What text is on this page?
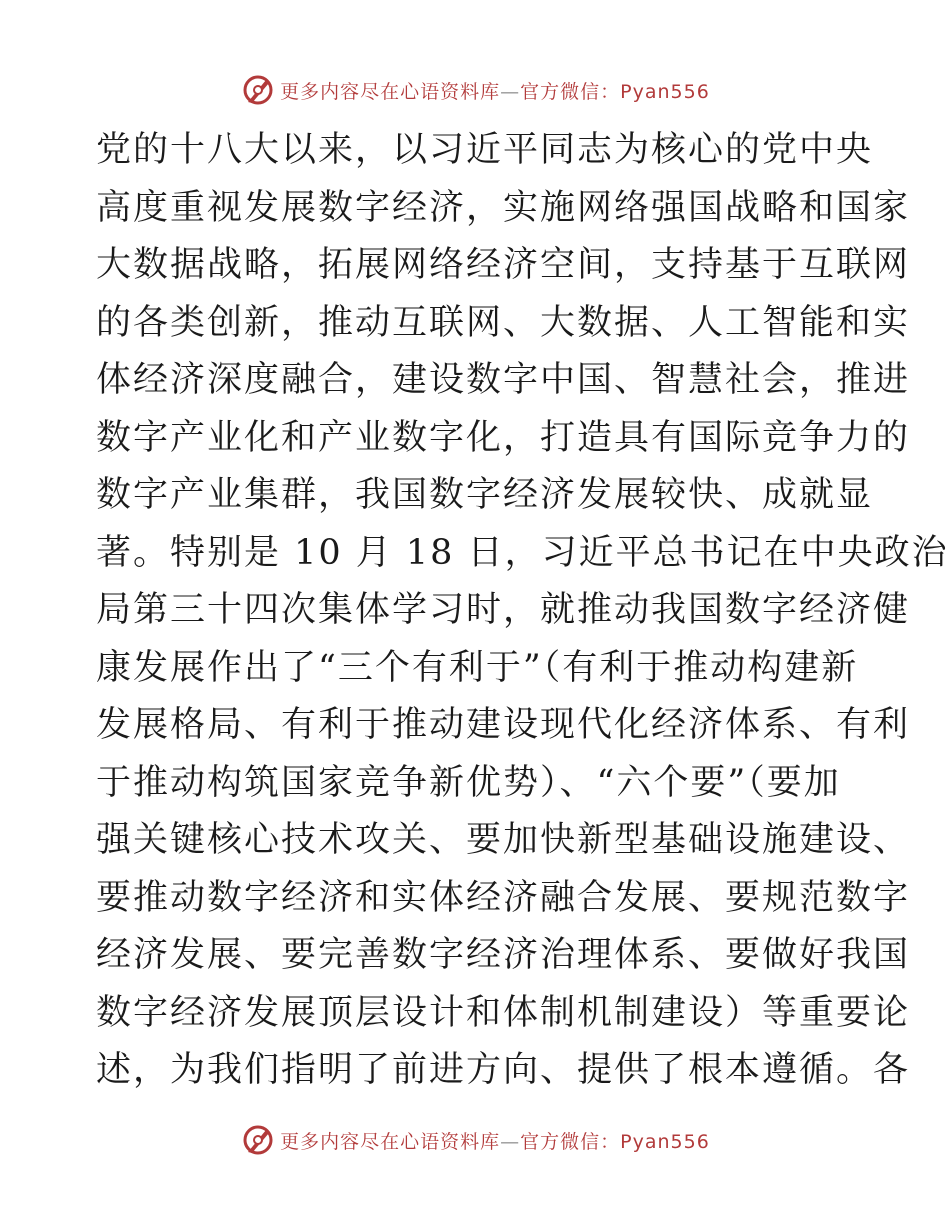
更多内容尽在心语资料库—官方微信：Pyan556
党的十八大以来，以习近平同志为核心的党中央
高度重视发展数字经济，实施网络强国战略和国家
大数据战略，拓展网络经济空间，支持基于互联网
的各类创新，推动互联网、大数据、人工智能和实
体经济深度融合，建设数字中国、智慧社会，推进
数字产业化和产业数字化，打造具有国际竞争力的
数字产业集群，我国数字经济发展较快、成就显
著。特别是 10 月 18 日，习近平总书记在中央政治
局第三十四次集体学习时，就推动我国数字经济健
康发展作出了“三个有利于”（有利于推动构建新
发展格局、有利于推动建设现代化经济体系、有利
于推动构筑国家竞争新优势）、“六个要”（要加
强关键核心技术攻关、要加快新型基础设施建设、
要推动数字经济和实体经济融合发展、要规范数字
经济发展、要完善数字经济治理体系、要做好我国
数字经济发展顶层设计和体制机制建设）等重要论
述，为我们指明了前进方向、提供了根本遵循。各
更多内容尽在心语资料库—官方微信：Pyan556
